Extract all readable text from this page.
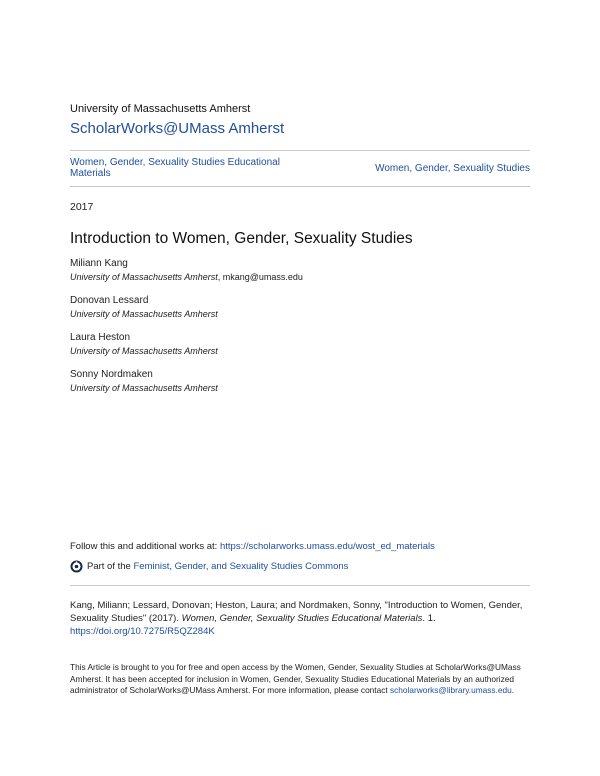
University of Massachusetts Amherst
ScholarWorks@UMass Amherst
Women, Gender, Sexuality Studies Educational Materials	Women, Gender, Sexuality Studies
2017
Introduction to Women, Gender, Sexuality Studies
Miliann Kang
University of Massachusetts Amherst, mkang@umass.edu
Donovan Lessard
University of Massachusetts Amherst
Laura Heston
University of Massachusetts Amherst
Sonny Nordmaken
University of Massachusetts Amherst
Follow this and additional works at: https://scholarworks.umass.edu/wost_ed_materials
Part of the Feminist, Gender, and Sexuality Studies Commons
Kang, Miliann; Lessard, Donovan; Heston, Laura; and Nordmaken, Sonny, "Introduction to Women, Gender, Sexuality Studies" (2017). Women, Gender, Sexuality Studies Educational Materials. 1.
https://doi.org/10.7275/R5QZ284K
This Article is brought to you for free and open access by the Women, Gender, Sexuality Studies at ScholarWorks@UMass Amherst. It has been accepted for inclusion in Women, Gender, Sexuality Studies Educational Materials by an authorized administrator of ScholarWorks@UMass Amherst. For more information, please contact scholarworks@library.umass.edu.
